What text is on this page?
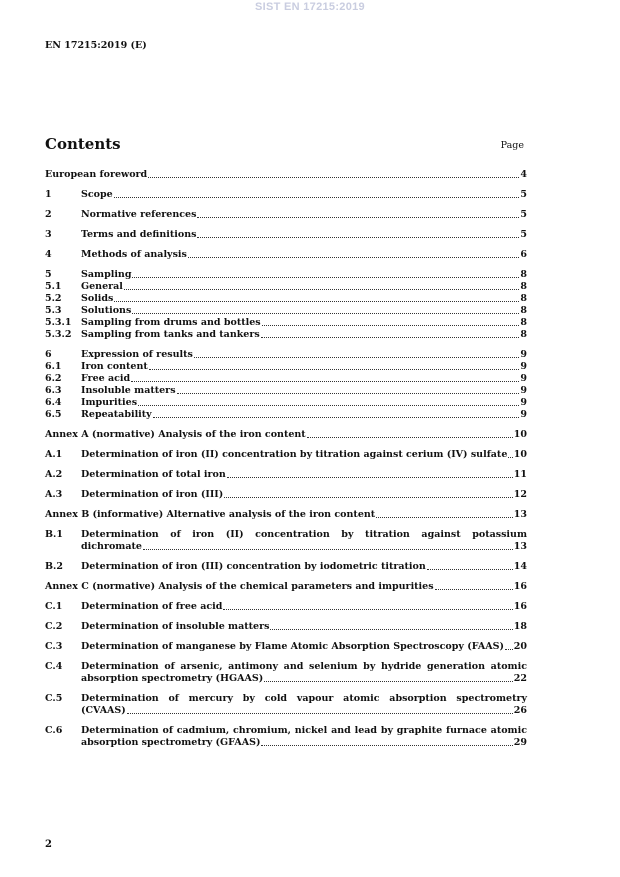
SIST EN 17215:2019
EN 17215:2019 (E)
Contents	Page
European foreword	4
1	Scope	5
2	Normative references	5
3	Terms and definitions	5
4	Methods of analysis	6
5	Sampling	8
5.1	General	8
5.2	Solids	8
5.3	Solutions	8
5.3.1	Sampling from drums and bottles	8
5.3.2	Sampling from tanks and tankers	8
6	Expression of results	9
6.1	Iron content	9
6.2	Free acid	9
6.3	Insoluble matters	9
6.4	Impurities	9
6.5	Repeatability	9
Annex A (normative) Analysis of the iron content	10
A.1	Determination of iron (II) concentration by titration against cerium (IV) sulfate 10
A.2	Determination of total iron	11
A.3	Determination of iron (III)	12
Annex B (informative) Alternative analysis of the iron content	13
B.1	Determination of iron (II) concentration by titration against potassium
dichromate	13
B.2	Determination of iron (III) concentration by iodometric titration	14
Annex C (normative) Analysis of the chemical parameters and impurities	16
C.1	Determination of free acid	16
C.2	Determination of insoluble matters	18
C.3	Determination of manganese by Flame Atomic Absorption Spectroscopy (FAAS) 20
C.4	Determination of arsenic, antimony and selenium by hydride generation atomic
absorption spectrometry (HGAAS)	22
C.5	Determination of mercury by cold vapour atomic absorption spectrometry
(CVAAS)	26
C.6	Determination of cadmium, chromium, nickel and lead by graphite furnace atomic
absorption spectrometry (GFAAS)	29
2
